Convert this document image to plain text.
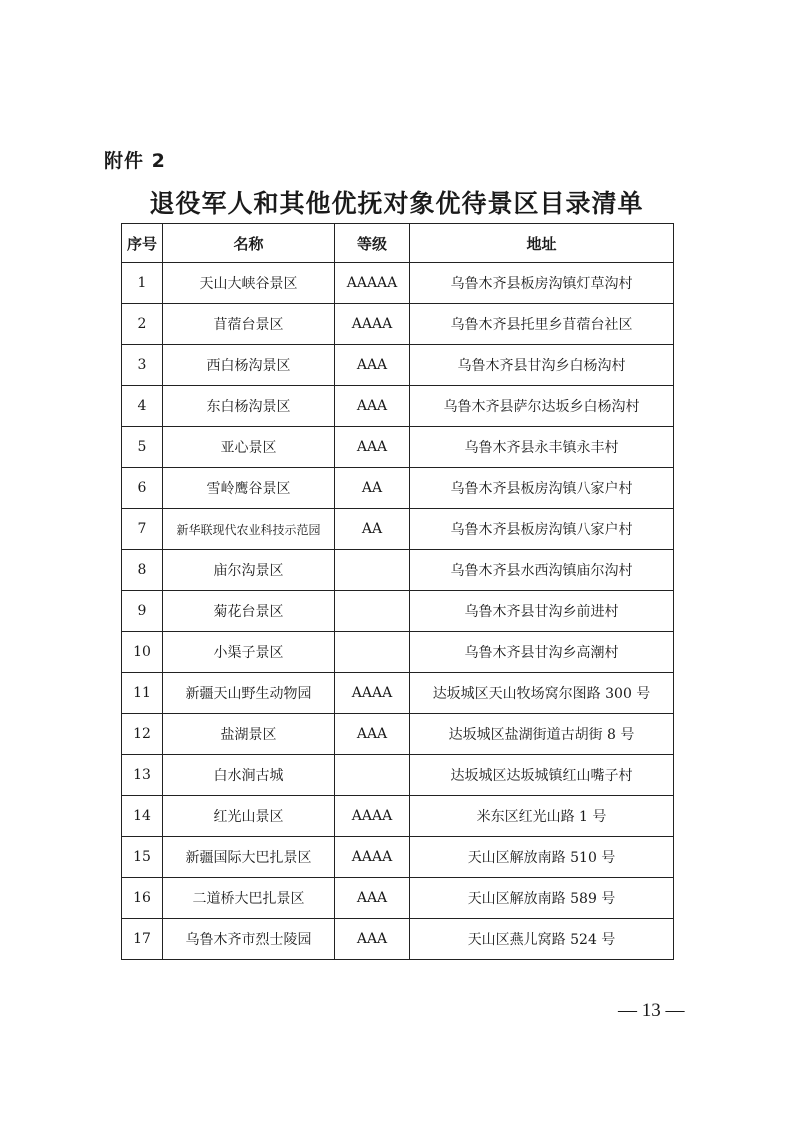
附件 2
退役军人和其他优抚对象优待景区目录清单
序号	名称	等级	地址
1	天山大峡谷景区	AAAAA	乌鲁木齐县板房沟镇灯草沟村
2	苜蓿台景区	AAAA	乌鲁木齐县托里乡苜蓿台社区
3	西白杨沟景区	AAA	乌鲁木齐县甘沟乡白杨沟村
4	东白杨沟景区	AAA	乌鲁木齐县萨尔达坂乡白杨沟村
5	亚心景区	AAA	乌鲁木齐县永丰镇永丰村
6	雪岭鹰谷景区	AA	乌鲁木齐县板房沟镇八家户村
7	新华联现代农业科技示范园	AA	乌鲁木齐县板房沟镇八家户村
8	庙尔沟景区		乌鲁木齐县水西沟镇庙尔沟村
9	菊花台景区		乌鲁木齐县甘沟乡前进村
10	小渠子景区		乌鲁木齐县甘沟乡高潮村
11	新疆天山野生动物园	AAAA	达坂城区天山牧场窝尔图路 300 号
12	盐湖景区	AAA	达坂城区盐湖街道古胡街 8 号
13	白水涧古城		达坂城区达坂城镇红山嘴子村
14	红光山景区	AAAA	米东区红光山路 1 号
15	新疆国际大巴扎景区	AAAA	天山区解放南路 510 号
16	二道桥大巴扎景区	AAA	天山区解放南路 589 号
17	乌鲁木齐市烈士陵园	AAA	天山区燕儿窝路 524 号
— 13 —
